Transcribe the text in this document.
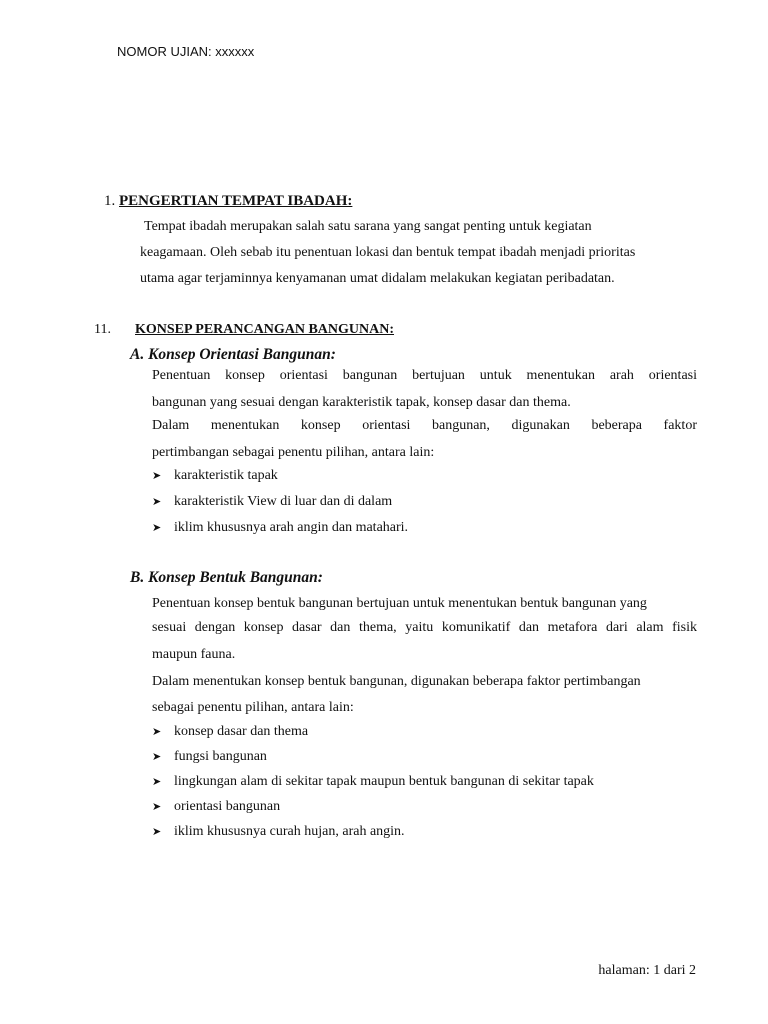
NOMOR UJIAN: xxxxxx
1. PENGERTIAN TEMPAT IBADAH:
Tempat ibadah merupakan salah satu sarana yang sangat penting untuk kegiatan
keagamaan. Oleh sebab itu penentuan lokasi dan bentuk tempat ibadah menjadi prioritas
utama agar terjaminnya kenyamanan umat didalam melakukan kegiatan peribadatan.
11. KONSEP PERANCANGAN BANGUNAN:
A. Konsep Orientasi Bangunan:
Penentuan konsep orientasi bangunan bertujuan untuk menentukan arah orientasi
bangunan yang sesuai dengan karakteristik tapak, konsep dasar dan thema.
Dalam menentukan konsep orientasi bangunan, digunakan beberapa faktor
pertimbangan sebagai penentu pilihan, antara lain:
➤ karakteristik tapak
➤ karakteristik View di luar dan di dalam
➤ iklim khususnya arah angin dan matahari.
B. Konsep Bentuk Bangunan:
Penentuan konsep bentuk bangunan bertujuan untuk menentukan bentuk bangunan yang
sesuai dengan konsep dasar dan thema, yaitu komunikatif dan metafora dari alam fisik
maupun fauna.
Dalam menentukan konsep bentuk bangunan, digunakan beberapa faktor pertimbangan
sebagai penentu pilihan, antara lain:
➤ konsep dasar dan thema
➤ fungsi bangunan
➤ lingkungan alam di sekitar tapak maupun bentuk bangunan di sekitar tapak
➤ orientasi bangunan
➤ iklim khususnya curah hujan, arah angin.
halaman: 1 dari 2
